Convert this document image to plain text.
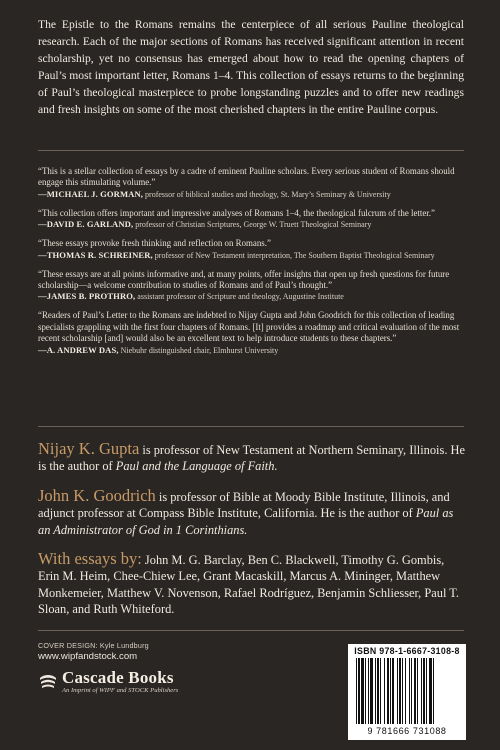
The Epistle to the Romans remains the centerpiece of all serious Pauline theological research. Each of the major sections of Romans has received significant attention in recent scholarship, yet no consensus has emerged about how to read the opening chapters of Paul’s most important letter, Romans 1–4. This collection of essays returns to the beginning of Paul’s theological masterpiece to probe longstanding puzzles and to offer new readings and fresh insights on some of the most cherished chapters in the entire Pauline corpus.
“This is a stellar collection of essays by a cadre of eminent Pauline scholars. Every serious student of Romans should engage this stimulating volume.”
—MICHAEL J. GORMAN, professor of biblical studies and theology, St. Mary’s Seminary & University
“This collection offers important and impressive analyses of Romans 1–4, the theological fulcrum of the letter.”
—DAVID E. GARLAND, professor of Christian Scriptures, George W. Truett Theological Seminary
“These essays provoke fresh thinking and reflection on Romans.”
—THOMAS R. SCHREINER, professor of New Testament interpretation, The Southern Baptist Theological Seminary
“These essays are at all points informative and, at many points, offer insights that open up fresh questions for future scholarship—a welcome contribution to studies of Romans and of Paul’s thought.”
—JAMES B. PROTHRO, assistant professor of Scripture and theology, Augustine Institute
“Readers of Paul’s Letter to the Romans are indebted to Nijay Gupta and John Goodrich for this collection of leading specialists grappling with the first four chapters of Romans. [It] provides a roadmap and critical evaluation of the most recent scholarship [and] would also be an excellent text to help introduce students to these chapters.”
—A. ANDREW DAS, Niebuhr distinguished chair, Elmhurst University
Nijay K. Gupta is professor of New Testament at Northern Seminary, Illinois. He is the author of Paul and the Language of Faith.
John K. Goodrich is professor of Bible at Moody Bible Institute, Illinois, and adjunct professor at Compass Bible Institute, California. He is the author of Paul as an Administrator of God in 1 Corinthians.
With essays by: John M. G. Barclay, Ben C. Blackwell, Timothy G. Gombis, Erin M. Heim, Chee-Chiew Lee, Grant Macaskill, Marcus A. Mininger, Matthew Monkemeier, Matthew V. Novenson, Rafael Rodríguez, Benjamin Schliesser, Paul T. Sloan, and Ruth Whiteford.
COVER DESIGN: Kyle Lundburg
www.wipfandstock.com
Cascade Books
An Imprint of WIPF and STOCK Publishers
ISBN 978-1-6667-3108-8
9 781666 731088
